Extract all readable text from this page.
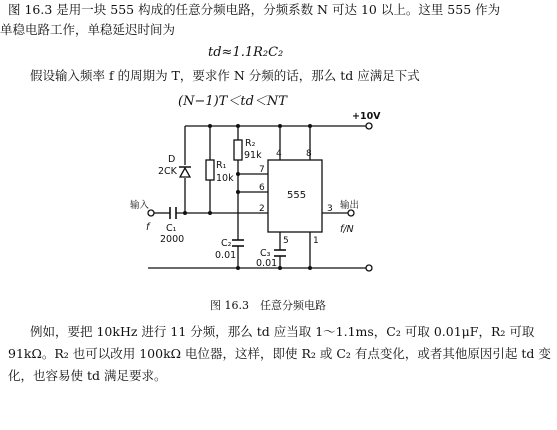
图 16.3 是用一块 555 构成的任意分频电路，分频系数 N 可达 10 以上。这里 555 作为
单稳电路工作，单稳延迟时间为
td≈1.1R₂C₂
假设输入频率 f 的周期为 T，要求作 N 分频的话，那么 td 应满足下式
(N−1)T＜td＜NT
555
4	8
7
6
2	3
5	1
+10V
D
2CK
R₁
10k
R₂
91k
输入
f C₁
2000	C₂
0.01	C₃
0.01
输出
f/N
图 16.3　任意分频电路
例如，要把 10kHz 进行 11 分频，那么 td 应当取 1～1.1ms，C₂ 可取 0.01μF，R₂ 可取
91kΩ。R₂ 也可以改用 100kΩ 电位器，这样，即使 R₂ 或 C₂ 有点变化，或者其他原因引起 td 变
化，也容易使 td 满足要求。
